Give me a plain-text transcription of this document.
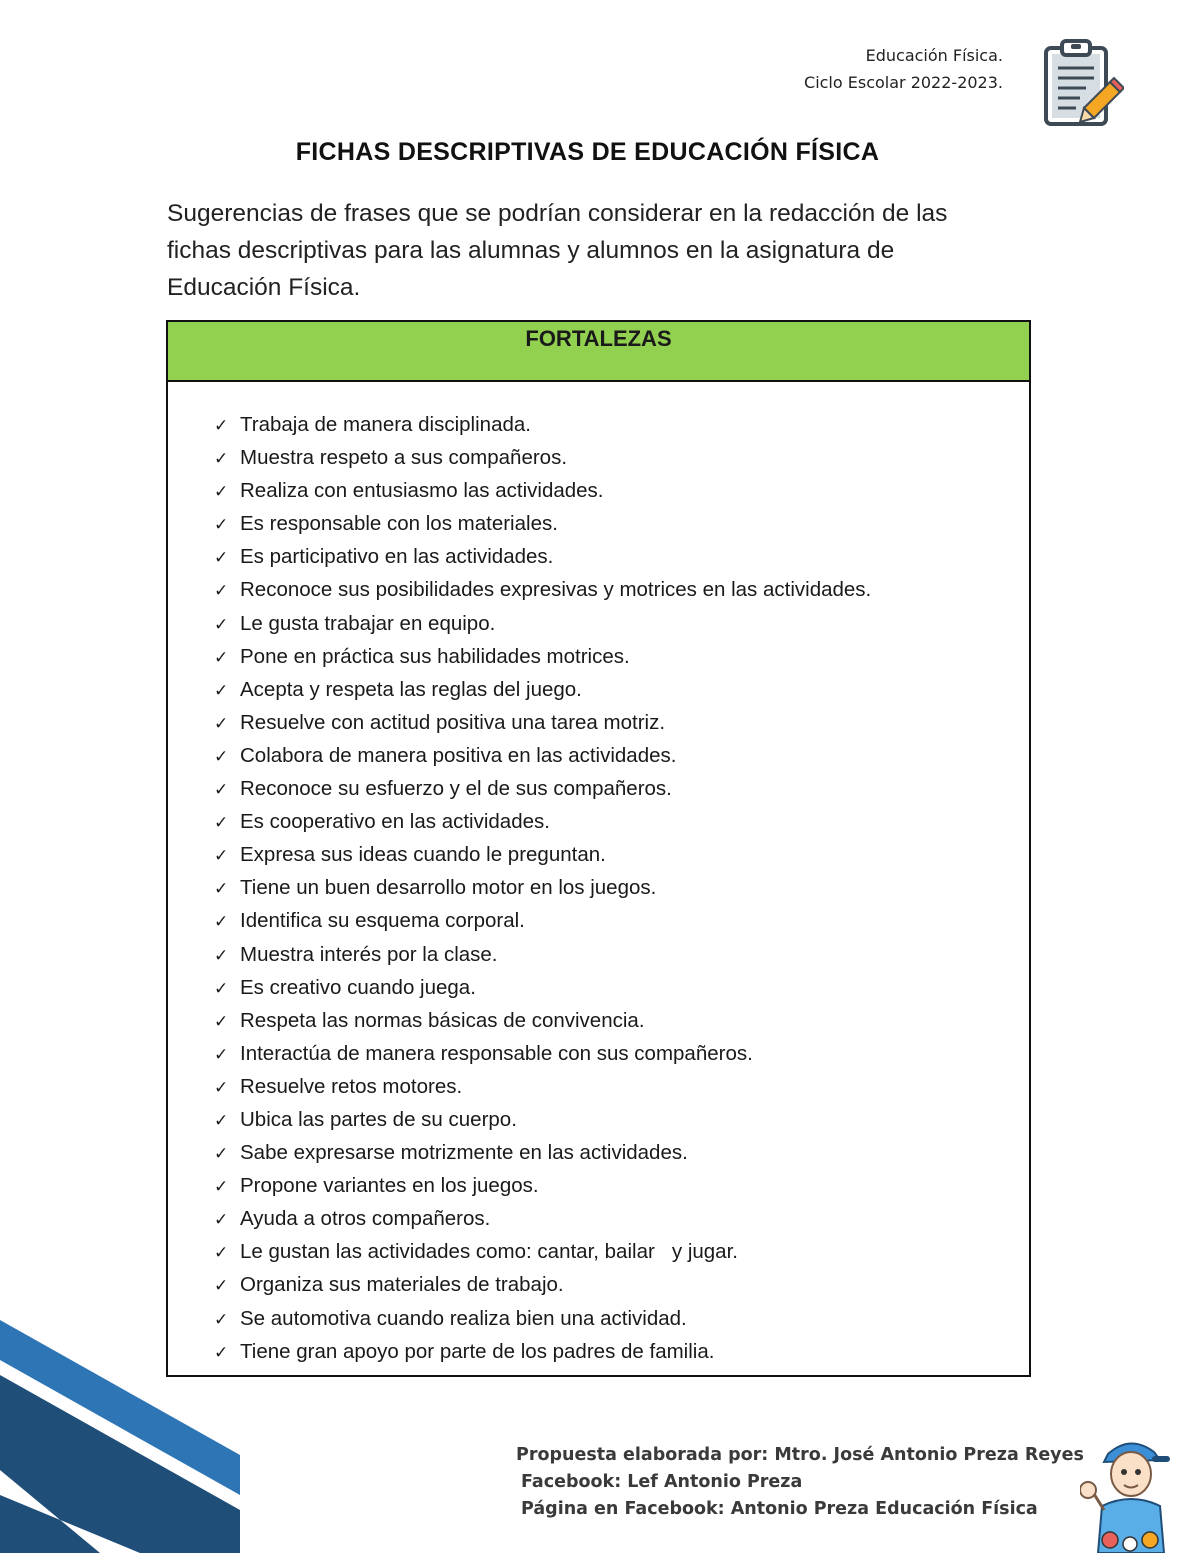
Educación Física.
Ciclo Escolar 2022-2023.
FICHAS DESCRIPTIVAS DE EDUCACIÓN FÍSICA
Sugerencias de frases que se podrían considerar en la redacción de las fichas descriptivas para las alumnas y alumnos en la asignatura de Educación Física.
FORTALEZAS
✓ Trabaja de manera disciplinada.
✓ Muestra respeto a sus compañeros.
✓ Realiza con entusiasmo las actividades.
✓ Es responsable con los materiales.
✓ Es participativo en las actividades.
✓ Reconoce sus posibilidades expresivas y motrices en las actividades.
✓ Le gusta trabajar en equipo.
✓ Pone en práctica sus habilidades motrices.
✓ Acepta y respeta las reglas del juego.
✓ Resuelve con actitud positiva una tarea motriz.
✓ Colabora de manera positiva en las actividades.
✓ Reconoce su esfuerzo y el de sus compañeros.
✓ Es cooperativo en las actividades.
✓ Expresa sus ideas cuando le preguntan.
✓ Tiene un buen desarrollo motor en los juegos.
✓ Identifica su esquema corporal.
✓ Muestra interés por la clase.
✓ Es creativo cuando juega.
✓ Respeta las normas básicas de convivencia.
✓ Interactúa de manera responsable con sus compañeros.
✓ Resuelve retos motores.
✓ Ubica las partes de su cuerpo.
✓ Sabe expresarse motrizmente en las actividades.
✓ Propone variantes en los juegos.
✓ Ayuda a otros compañeros.
✓ Le gustan las actividades como: cantar, bailar   y jugar.
✓ Organiza sus materiales de trabajo.
✓ Se automotiva cuando realiza bien una actividad.
✓ Tiene gran apoyo por parte de los padres de familia.
Propuesta elaborada por: Mtro. José Antonio Preza Reyes
Facebook: Lef Antonio Preza
Página en Facebook: Antonio Preza Educación Física
